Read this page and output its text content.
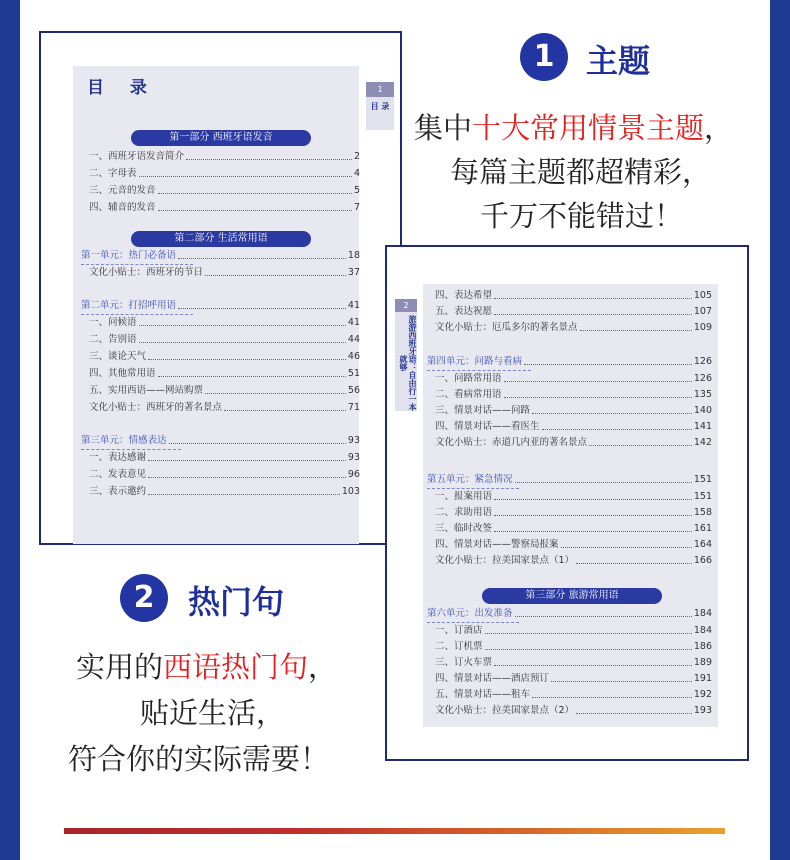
目 录	1
目 录
第一部分 西班牙语发音
一、西班牙语发音简介	2
二、字母表	4
三、元音的发音	5
四、辅音的发音	7
第二部分 生活常用语
第一单元：热门必备语	18
文化小贴士：西班牙的节日	37
第二单元：打招呼用语	41
一、问候语	41
二、告别语	44
三、谈论天气	46
四、其他常用语	51
五、实用西语——网站购票	56
文化小贴士：西班牙的著名景点	71
第三单元：情感表达	93
一、表达感谢	93
二、发表意见	96
三、表示邀约	103
2
旅游西班牙语：自由行一本就够
四、表达希望	105
五、表达祝愿	107
文化小贴士：厄瓜多尔的著名景点	109
第四单元：问路与看病	126
一、问路常用语	126
二、看病常用语	135
三、情景对话——问路	140
四、情景对话——看医生	141
文化小贴士：赤道几内亚的著名景点	142
第五单元：紧急情况	151
一、报案用语	151
二、求助用语	158
三、临时改签	161
四、情景对话——警察局报案	164
文化小贴士：拉美国家景点（1）	166
第三部分 旅游常用语
第六单元：出发准备	184
一、订酒店	184
二、订机票	186
三、订火车票	189
四、情景对话——酒店预订	191
五、情景对话——租车	192
文化小贴士：拉美国家景点（2）	193
1 主题
集中十大常用情景主题，
每篇主题都超精彩，
千万不能错过！
2	热门句
实用的西语热门句，
贴近生活，
符合你的实际需要！
